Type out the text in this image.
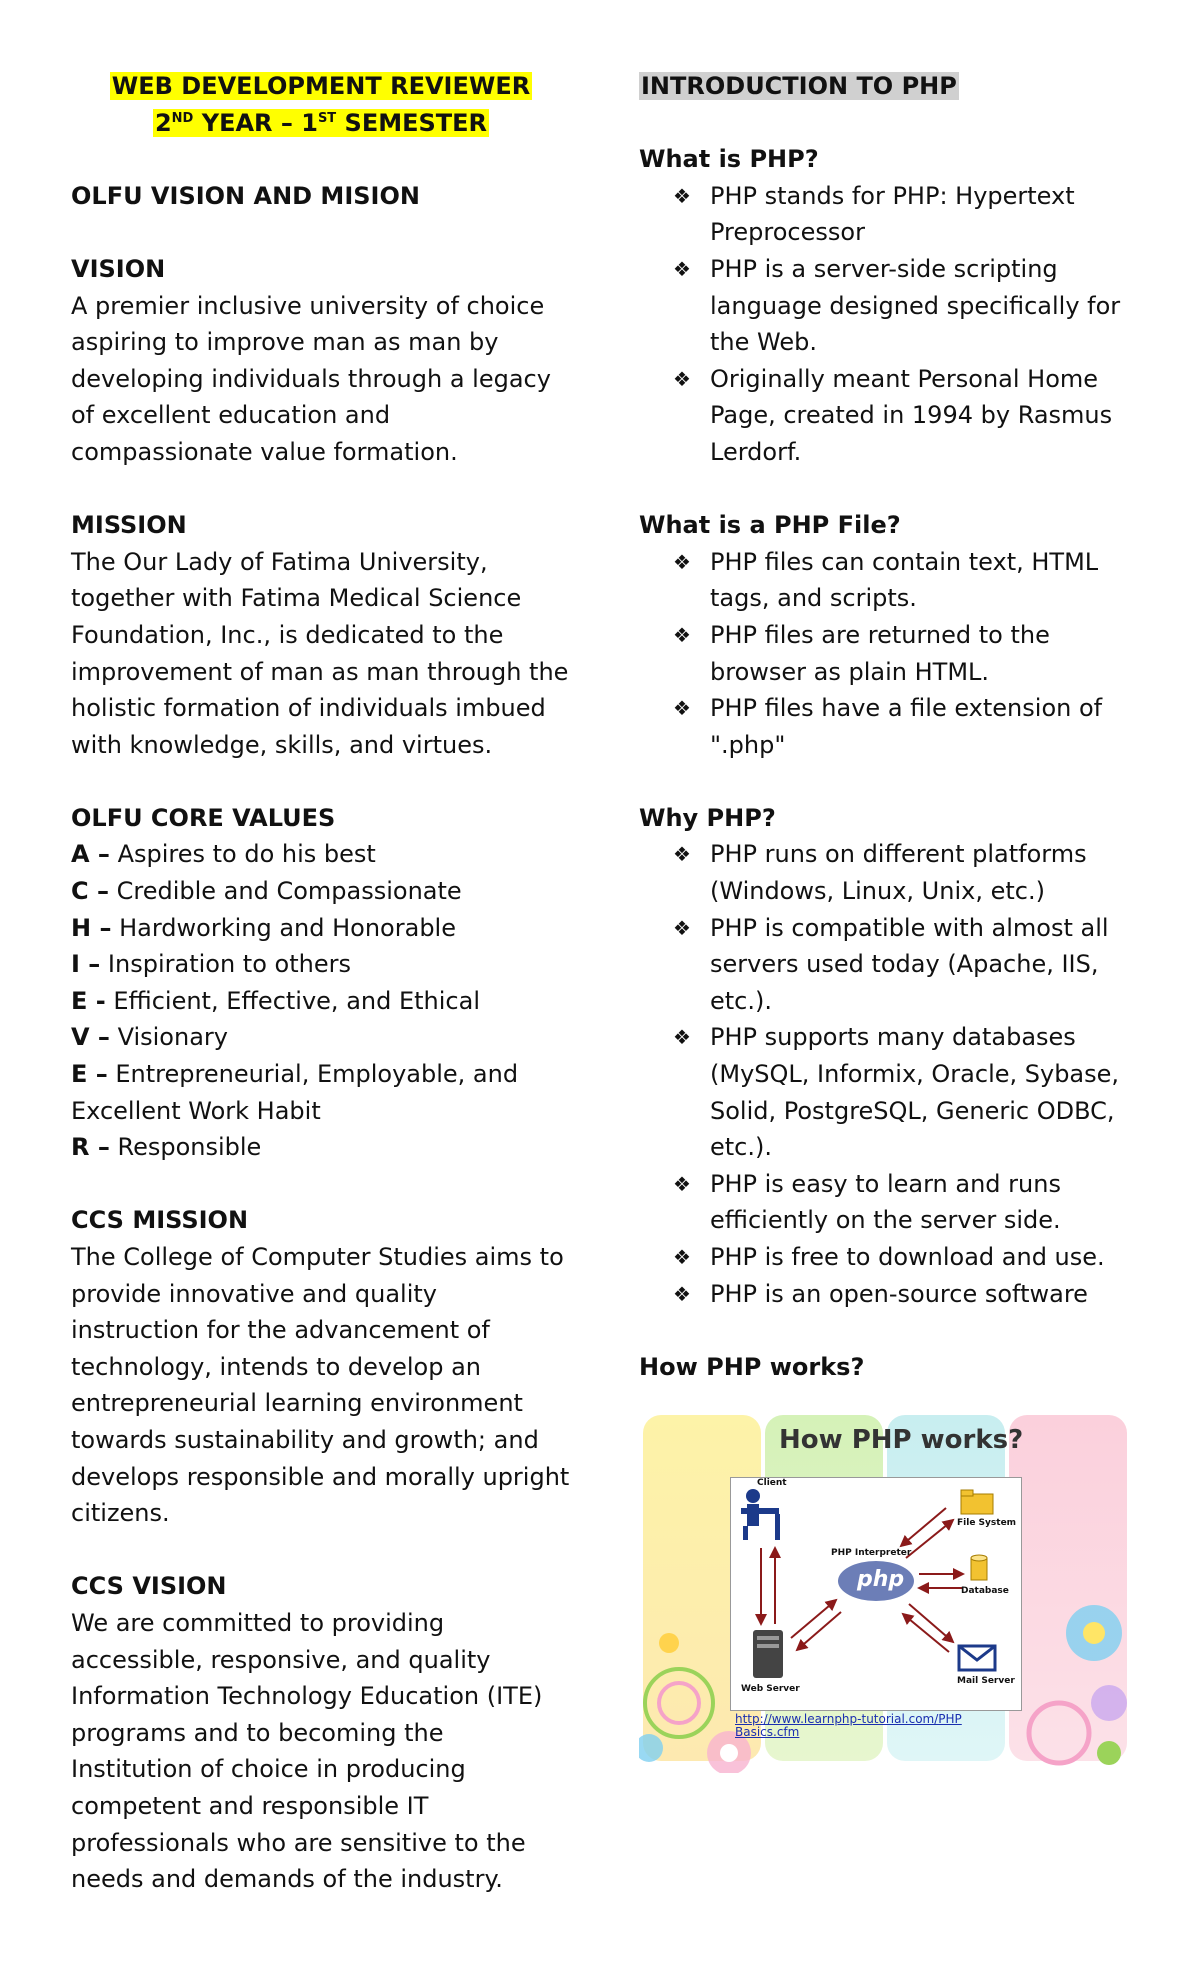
WEB DEVELOPMENT REVIEWER
2ND YEAR – 1ST SEMESTER

OLFU VISION AND MISION

VISION

A premier inclusive university of choice aspiring to improve man as man by developing individuals through a legacy of excellent education and compassionate value formation.

MISSION

The Our Lady of Fatima University, together with Fatima Medical Science Foundation, Inc., is dedicated to the improvement of man as man through the holistic formation of individuals imbued with knowledge, skills, and virtues.

OLFU CORE VALUES

A – Aspires to do his best

C – Credible and Compassionate

H – Hardworking and Honorable

I – Inspiration to others

E - Efficient, Effective, and Ethical

V – Visionary

E – Entrepreneurial, Employable, and Excellent Work Habit

R – Responsible

CCS MISSION

The College of Computer Studies aims to provide innovative and quality instruction for the advancement of technology, intends to develop an entrepreneurial learning environment towards sustainability and growth; and develops responsible and morally upright citizens.

CCS VISION

We are committed to providing accessible, responsive, and quality Information Technology Education (ITE) programs and to becoming the Institution of choice in producing competent and responsible IT professionals who are sensitive to the needs and demands of the industry.

INTRODUCTION TO PHP

What is PHP?

❖ PHP stands for PHP: Hypertext Preprocessor
❖ PHP is a server-side scripting language designed specifically for the Web.
❖ Originally meant Personal Home Page, created in 1994 by Rasmus Lerdorf.

What is a PHP File?

❖ PHP files can contain text, HTML tags, and scripts.
❖ PHP files are returned to the browser as plain HTML.
❖ PHP files have a file extension of ".php"

Why PHP?

❖ PHP runs on different platforms (Windows, Linux, Unix, etc.)
❖ PHP is compatible with almost all servers used today (Apache, IIS, etc.).
❖ PHP supports many databases (MySQL, Informix, Oracle, Sybase, Solid, PostgreSQL, Generic ODBC, etc.).
❖ PHP is easy to learn and runs efficiently on the server side.
❖ PHP is free to download and use.
❖ PHP is an open-source software

How PHP works?

How PHP works?
Client
PHP Interpreter
php
File System
Database
Web Server
Mail Server
http://www.learnphp-tutorial.com/PHPBasics.cfm
